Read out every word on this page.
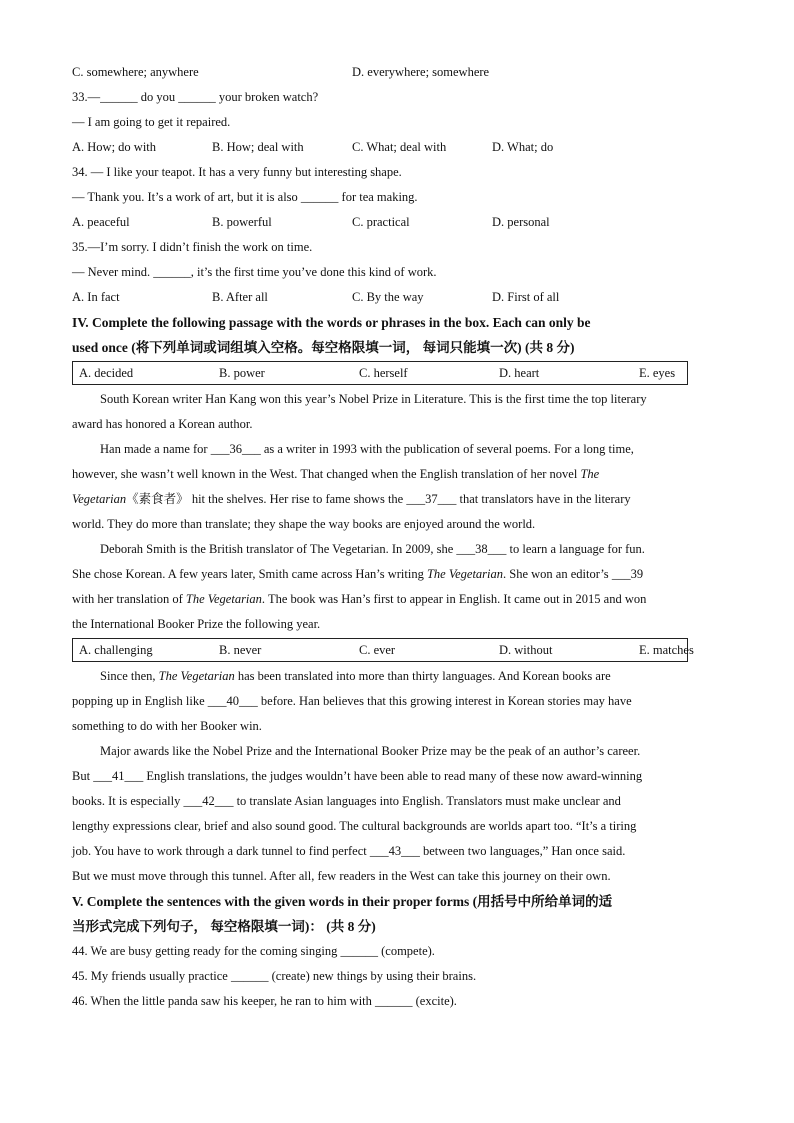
C. somewhere; anywhere	D. everywhere; somewhere
33.—______ do you ______ your broken watch?
— I am going to get it repaired.
A. How; do with	B. How; deal with	C. What; deal with	D. What; do
34. — I like your teapot. It has a very funny but interesting shape.
— Thank you. It’s a work of art, but it is also ______ for tea making.
A. peaceful	B. powerful	C. practical	D. personal
35.—I’m sorry. I didn’t finish the work on time.
— Never mind. ______, it’s the first time you’ve done this kind of work.
A. In fact	B. After all	C. By the way	D. First of all
IV. Complete the following passage with the words or phrases in the box. Each can only be
used once (将下列单词或词组填入空格。每空格限填一词， 每词只能填一次) (共 8 分)
A. decided	B. power	C. herself	D. heart	E. eyes
South Korean writer Han Kang won this year’s Nobel Prize in Literature. This is the first time the top literary
award has honored a Korean author.
Han made a name for ___36___ as a writer in 1993 with the publication of several poems. For a long time,
however, she wasn’t well known in the West. That changed when the English translation of her novel The
Vegetarian《素食者》 hit the shelves. Her rise to fame shows the ___37___ that translators have in the literary
world. They do more than translate; they shape the way books are enjoyed around the world.
Deborah Smith is the British translator of The Vegetarian. In 2009, she ___38___ to learn a language for fun.
She chose Korean. A few years later, Smith came across Han’s writing The Vegetarian. She won an editor’s ___39
with her translation of The Vegetarian. The book was Han’s first to appear in English. It came out in 2015 and won
the International Booker Prize the following year.
A. challenging	B. never	C. ever	D. without	E. matches
Since then, The Vegetarian has been translated into more than thirty languages. And Korean books are
popping up in English like ___40___ before. Han believes that this growing interest in Korean stories may have
something to do with her Booker win.
Major awards like the Nobel Prize and the International Booker Prize may be the peak of an author’s career.
But ___41___ English translations, the judges wouldn’t have been able to read many of these now award-winning
books. It is especially ___42___ to translate Asian languages into English. Translators must make unclear and
lengthy expressions clear, brief and also sound good. The cultural backgrounds are worlds apart too. “It’s a tiring
job. You have to work through a dark tunnel to find perfect ___43___ between two languages,” Han once said.
But we must move through this tunnel. After all, few readers in the West can take this journey on their own.
V. Complete the sentences with the given words in their proper forms (用括号中所给单词的适
当形式完成下列句子， 每空格限填一词)： (共 8 分)
44. We are busy getting ready for the coming singing ______ (compete).
45. My friends usually practice ______ (create) new things by using their brains.
46. When the little panda saw his keeper, he ran to him with ______ (excite).
